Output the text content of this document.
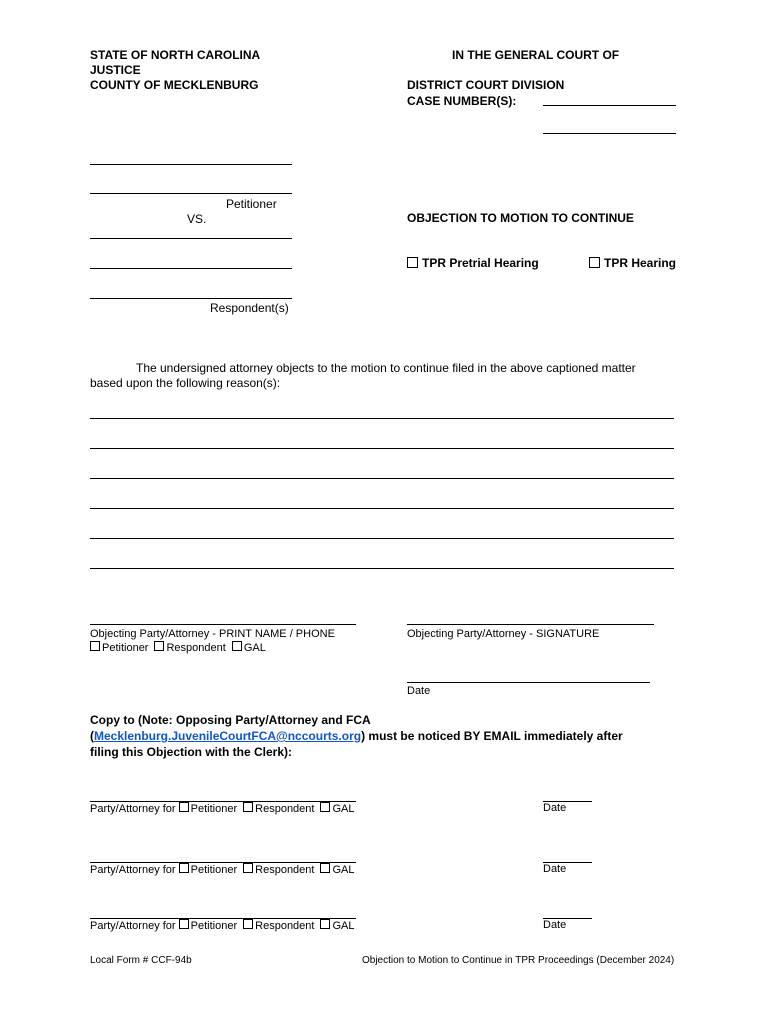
STATE OF NORTH CAROLINA
JUSTICE
COUNTY OF MECKLENBURG
IN THE GENERAL COURT OF
DISTRICT COURT DIVISION
CASE NUMBER(S):
Petitioner
VS.
Respondent(s)
OBJECTION TO MOTION TO CONTINUE
TPR Pretrial Hearing	TPR Hearing
The undersigned attorney objects to the motion to continue filed in the above captioned matter
based upon the following reason(s):
Objecting Party/Attorney - PRINT NAME / PHONE
Petitioner Respondent GAL
Objecting Party/Attorney - SIGNATURE
Date
Copy to (Note: Opposing Party/Attorney and FCA
(Mecklenburg.JuvenileCourtFCA@nccourts.org) must be noticed BY EMAIL immediately after
filing this Objection with the Clerk):
Party/Attorney for Petitioner Respondent GAL	Date
Party/Attorney for Petitioner Respondent GAL	Date
Party/Attorney for Petitioner Respondent GAL	Date
Local Form # CCF-94b	Objection to Motion to Continue in TPR Proceedings (December 2024)
